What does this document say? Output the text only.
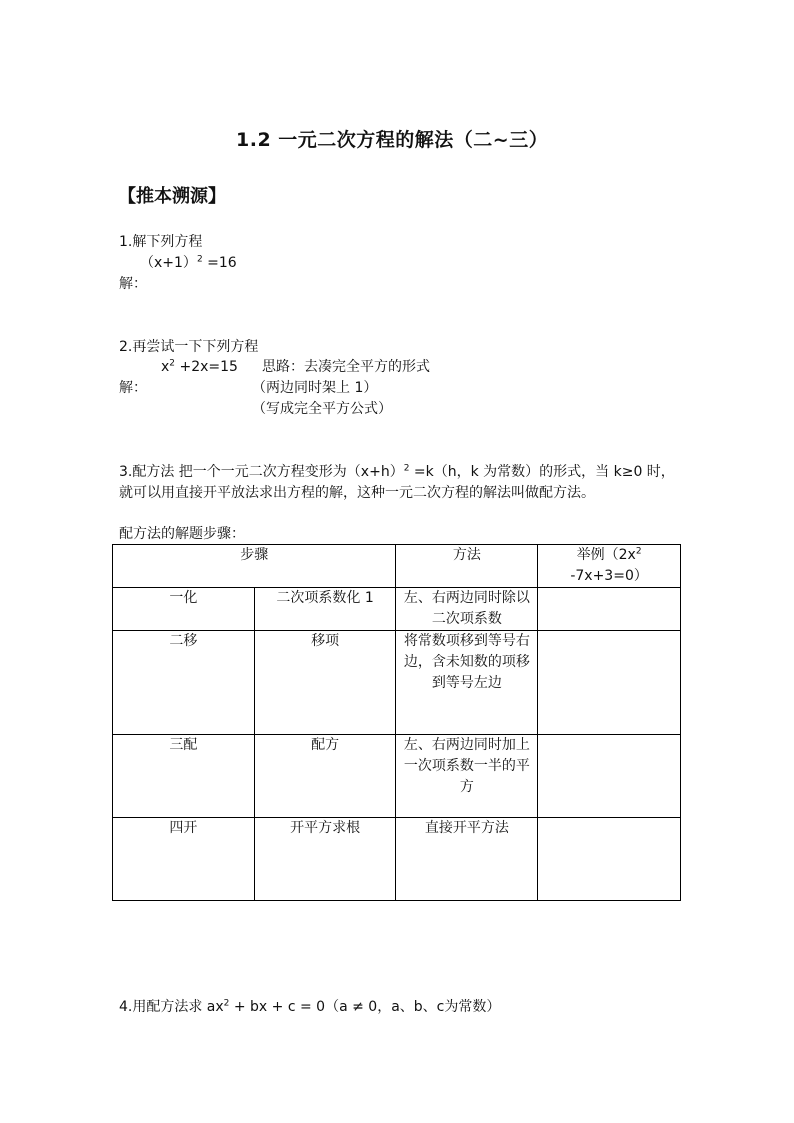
1.2 一元二次方程的解法（二~三）
【推本溯源】
1.解下列方程
$(x+1)^2 =16$
解：
2.再尝试一下下列方程
$x^2 +2x=15$ 思路：去凑完全平方的形式
解：	（两边同时架上 1）
（写成完全平方公式）
3.配方法 把一个一元二次方程变形为$(x+h)^2 =k(h$，k 为常数）的形式，当 k≥0 时，就可以用直接开平放法求出方程的解，这种一元二次方程的解法叫做配方法。
配方法的解题步骤：
步骤		方法	举例（$2x^2$ -7x+3=0）
一化	二次项系数化 1	左、右两边同时除以二次项系数	
二移	移项	将常数项移到等号右边，含未知数的项移到等号左边	
三配	配方	左、右两边同时加上一次项系数一半的平方	
四开	开平方求根	直接开平方法	
4.用配方法求 $ax^2$ + bx + c = 0（a ≠ 0，a、b、c为常数）
